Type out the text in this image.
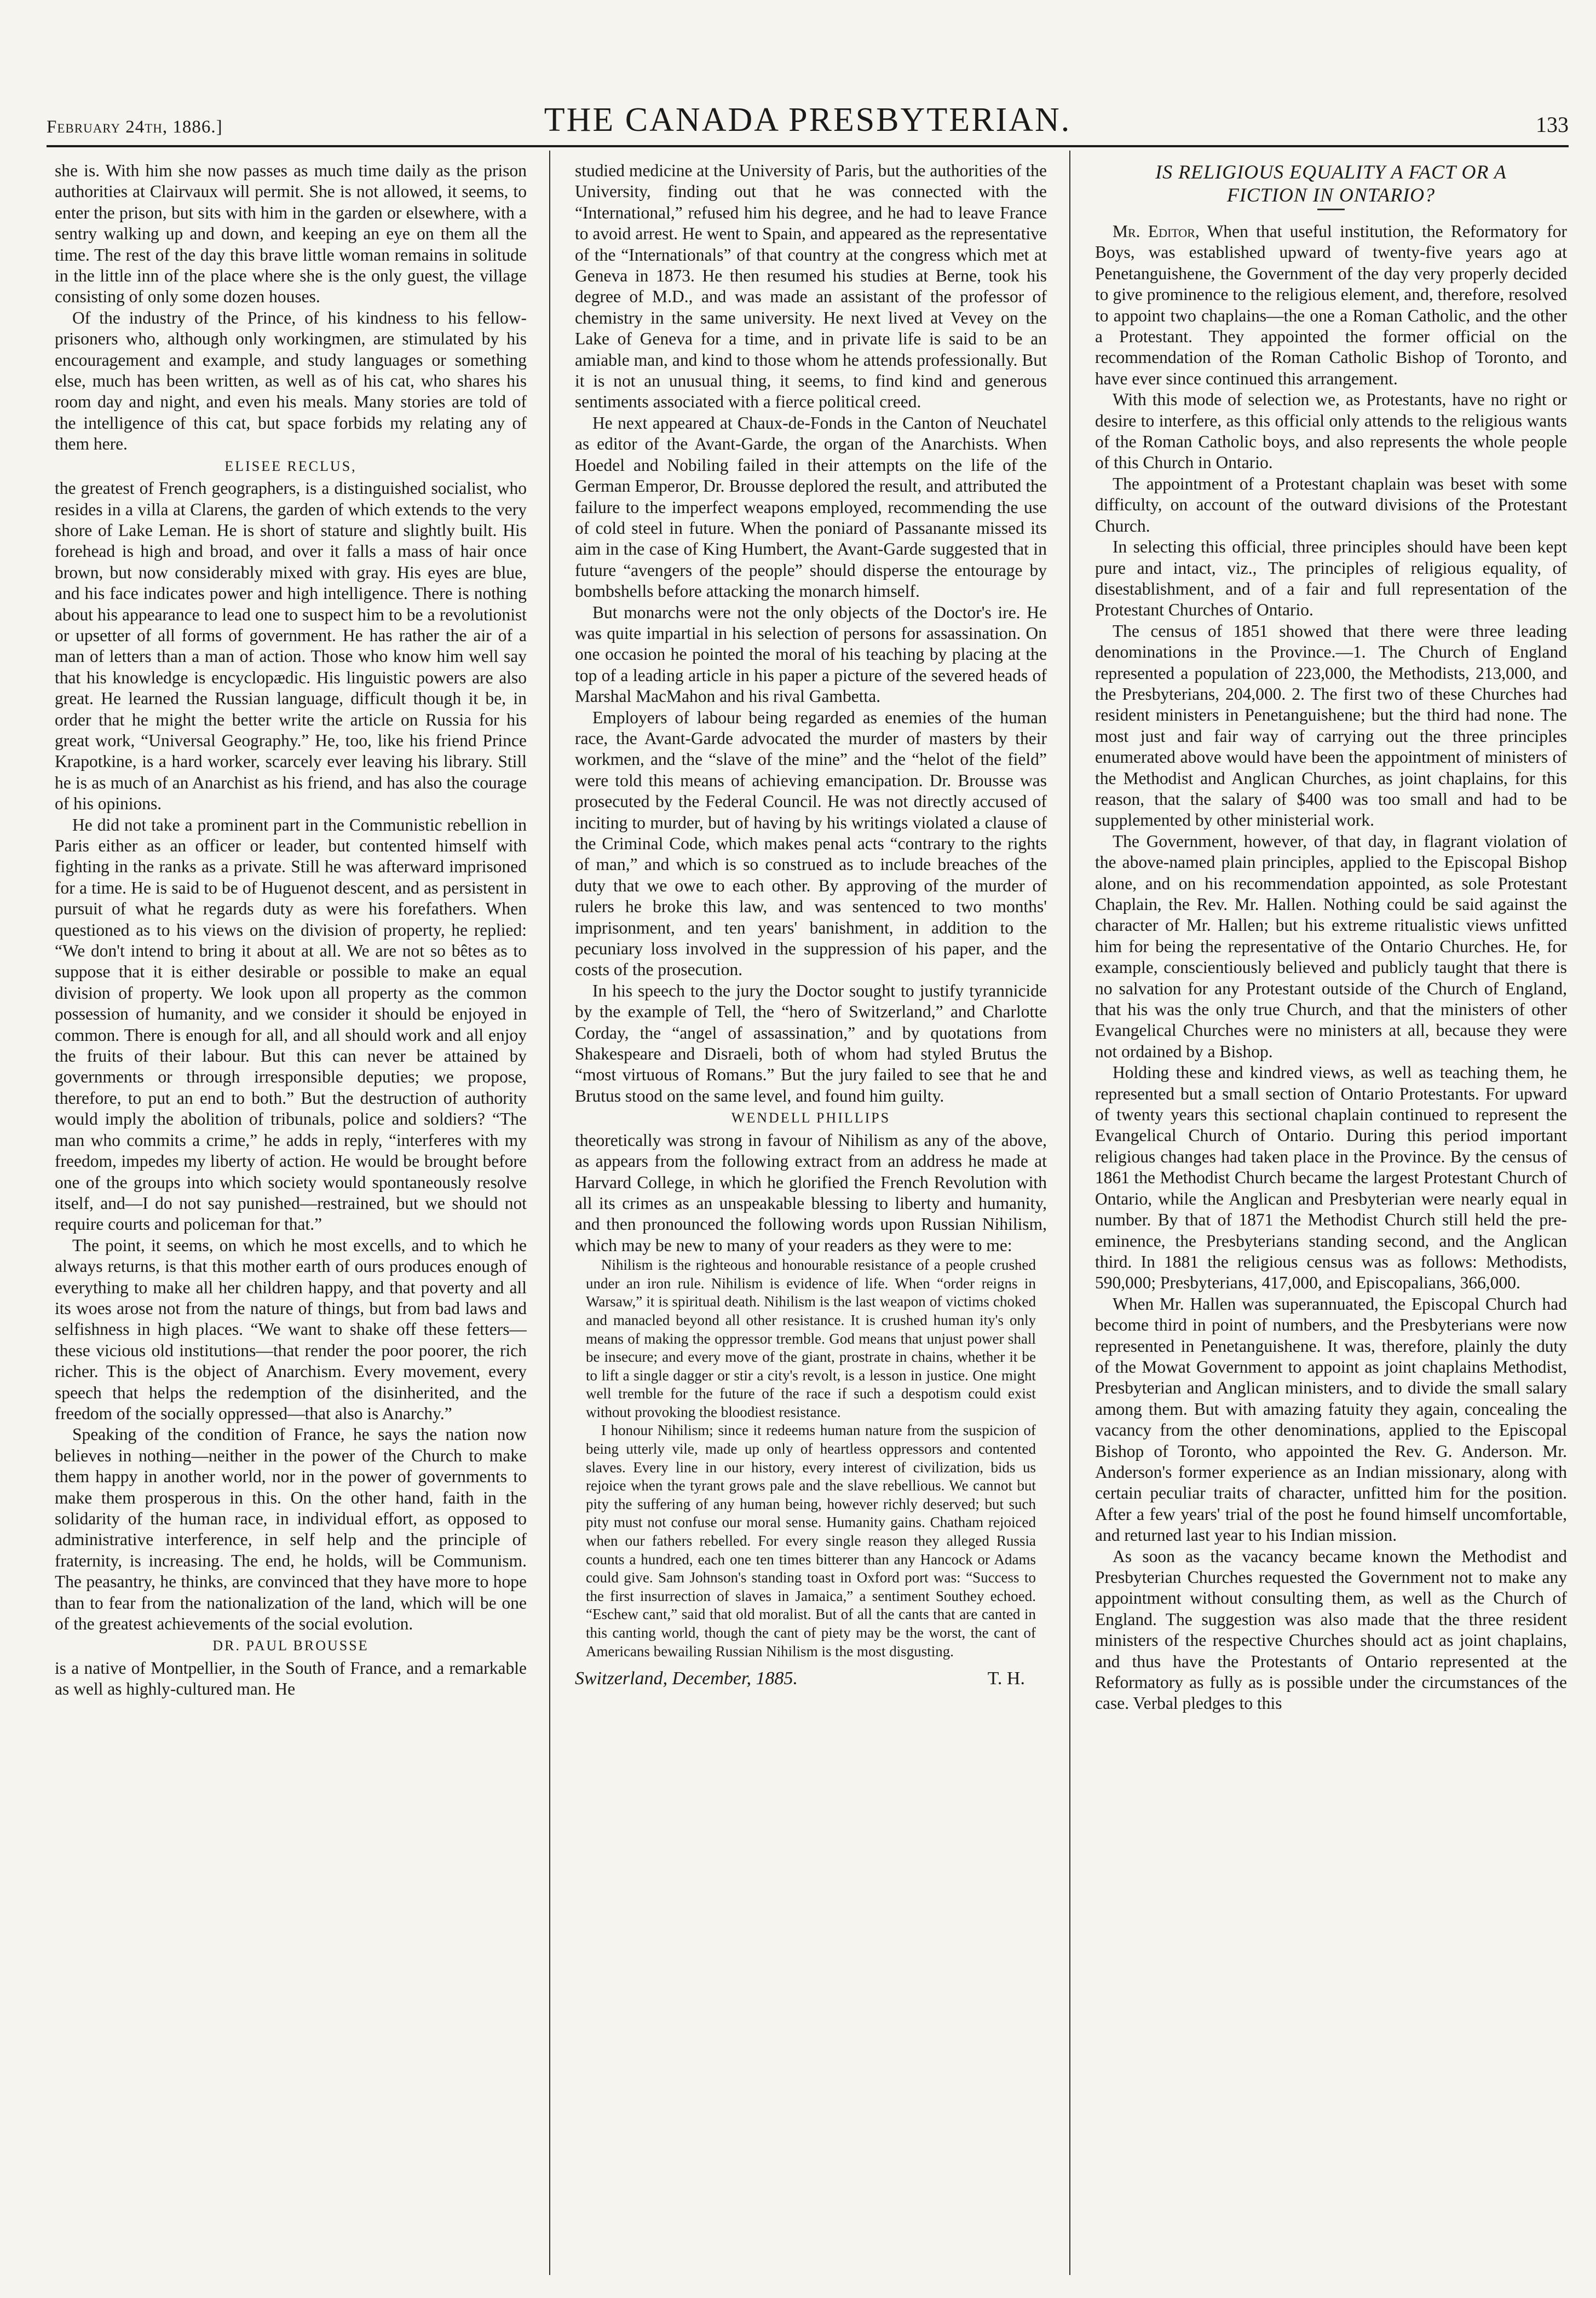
February 24th, 1886.]	THE CANADA PRESBYTERIAN.	133

she is. With him she now passes as much time daily as the prison authorities at Clairvaux will permit. She is not allowed, it seems, to enter the prison, but sits with him in the garden or elsewhere, with a sentry walking up and down, and keeping an eye on them all the time. The rest of the day this brave little woman remains in solitude in the little inn of the place where she is the only guest, the village consisting of only some dozen houses.

Of the industry of the Prince, of his kindness to his fellow-prisoners who, although only workingmen, are stimulated by his encouragement and example, and study languages or something else, much has been written, as well as of his cat, who shares his room day and night, and even his meals. Many stories are told of the intelligence of this cat, but space forbids my relating any of them here.

ELISEE RECLUS,

the greatest of French geographers, is a distinguished socialist, who resides in a villa at Clarens, the garden of which extends to the very shore of Lake Leman. He is short of stature and slightly built. His forehead is high and broad, and over it falls a mass of hair once brown, but now considerably mixed with gray. His eyes are blue, and his face indicates power and high intelligence. There is nothing about his appearance to lead one to suspect him to be a revolutionist or upsetter of all forms of government. He has rather the air of a man of letters than a man of action. Those who know him well say that his knowledge is encyclopædic. His linguistic powers are also great. He learned the Russian language, difficult though it be, in order that he might the better write the article on Russia for his great work, “Universal Geography.” He, too, like his friend Prince Krapotkine, is a hard worker, scarcely ever leaving his library. Still he is as much of an Anarchist as his friend, and has also the courage of his opinions.

He did not take a prominent part in the Communistic rebellion in Paris either as an officer or leader, but contented himself with fighting in the ranks as a private. Still he was afterward imprisoned for a time. He is said to be of Huguenot descent, and as persistent in pursuit of what he regards duty as were his forefathers. When questioned as to his views on the division of property, he replied: “We don't intend to bring it about at all. We are not so bêtes as to suppose that it is either desirable or possible to make an equal division of property. We look upon all property as the common possession of humanity, and we consider it should be enjoyed in common. There is enough for all, and all should work and all enjoy the fruits of their labour. But this can never be attained by governments or through irresponsible deputies; we propose, therefore, to put an end to both.” But the destruction of authority would imply the abolition of tribunals, police and soldiers? “The man who commits a crime,” he adds in reply, “interferes with my freedom, impedes my liberty of action. He would be brought before one of the groups into which society would spontaneously resolve itself, and—I do not say punished—restrained, but we should not require courts and policeman for that.”

The point, it seems, on which he most excells, and to which he always returns, is that this mother earth of ours produces enough of everything to make all her children happy, and that poverty and all its woes arose not from the nature of things, but from bad laws and selfishness in high places. “We want to shake off these fetters—these vicious old institutions—that render the poor poorer, the rich richer. This is the object of Anarchism. Every movement, every speech that helps the redemption of the disinherited, and the freedom of the socially oppressed—that also is Anarchy.”

Speaking of the condition of France, he says the nation now believes in nothing—neither in the power of the Church to make them happy in another world, nor in the power of governments to make them prosperous in this. On the other hand, faith in the solidarity of the human race, in individual effort, as opposed to administrative interference, in self help and the principle of fraternity, is increasing. The end, he holds, will be Communism. The peasantry, he thinks, are convinced that they have more to hope than to fear from the nationalization of the land, which will be one of the greatest achievements of the social evolution.

DR. PAUL BROUSSE

is a native of Montpellier, in the South of France, and a remarkable as well as highly-cultured man. He

studied medicine at the University of Paris, but the authorities of the University, finding out that he was connected with the “International,” refused him his degree, and he had to leave France to avoid arrest. He went to Spain, and appeared as the representative of the “Internationals” of that country at the congress which met at Geneva in 1873. He then resumed his studies at Berne, took his degree of M.D., and was made an assistant of the professor of chemistry in the same university. He next lived at Vevey on the Lake of Geneva for a time, and in private life is said to be an amiable man, and kind to those whom he attends professionally. But it is not an unusual thing, it seems, to find kind and generous sentiments associated with a fierce political creed.

He next appeared at Chaux-de-Fonds in the Canton of Neuchatel as editor of the Avant-Garde, the organ of the Anarchists. When Hoedel and Nobiling failed in their attempts on the life of the German Emperor, Dr. Brousse deplored the result, and attributed the failure to the imperfect weapons employed, recommending the use of cold steel in future. When the poniard of Passanante missed its aim in the case of King Humbert, the Avant-Garde suggested that in future “avengers of the people” should disperse the entourage by bombshells before attacking the monarch himself.

But monarchs were not the only objects of the Doctor's ire. He was quite impartial in his selection of persons for assassination. On one occasion he pointed the moral of his teaching by placing at the top of a leading article in his paper a picture of the severed heads of Marshal MacMahon and his rival Gambetta.

Employers of labour being regarded as enemies of the human race, the Avant-Garde advocated the murder of masters by their workmen, and the “slave of the mine” and the “helot of the field” were told this means of achieving emancipation. Dr. Brousse was prosecuted by the Federal Council. He was not directly accused of inciting to murder, but of having by his writings violated a clause of the Criminal Code, which makes penal acts “contrary to the rights of man,” and which is so construed as to include breaches of the duty that we owe to each other. By approving of the murder of rulers he broke this law, and was sentenced to two months' imprisonment, and ten years' banishment, in addition to the pecuniary loss involved in the suppression of his paper, and the costs of the prosecution.

In his speech to the jury the Doctor sought to justify tyrannicide by the example of Tell, the “hero of Switzerland,” and Charlotte Corday, the “angel of assassination,” and by quotations from Shakespeare and Disraeli, both of whom had styled Brutus the “most virtuous of Romans.” But the jury failed to see that he and Brutus stood on the same level, and found him guilty.

WENDELL PHILLIPS

theoretically was strong in favour of Nihilism as any of the above, as appears from the following extract from an address he made at Harvard College, in which he glorified the French Revolution with all its crimes as an unspeakable blessing to liberty and humanity, and then pronounced the following words upon Russian Nihilism, which may be new to many of your readers as they were to me:

Nihilism is the righteous and honourable resistance of a people crushed under an iron rule. Nihilism is evidence of life. When “order reigns in Warsaw,” it is spiritual death. Nihilism is the last weapon of victims choked and manacled beyond all other resistance. It is crushed human ity's only means of making the oppressor tremble. God means that unjust power shall be insecure; and every move of the giant, prostrate in chains, whether it be to lift a single dagger or stir a city's revolt, is a lesson in justice. One might well tremble for the future of the race if such a despotism could exist without provoking the bloodiest resistance.

I honour Nihilism; since it redeems human nature from the suspicion of being utterly vile, made up only of heartless oppressors and contented slaves. Every line in our history, every interest of civilization, bids us rejoice when the tyrant grows pale and the slave rebellious. We cannot but pity the suffering of any human being, however richly deserved; but such pity must not confuse our moral sense. Humanity gains. Chatham rejoiced when our fathers rebelled. For every single reason they alleged Russia counts a hundred, each one ten times bitterer than any Hancock or Adams could give. Sam Johnson's standing toast in Oxford port was: “Success to the first insurrection of slaves in Jamaica,” a sentiment Southey echoed. “Eschew cant,” said that old moralist. But of all the cants that are canted in this canting world, though the cant of piety may be the worst, the cant of Americans bewailing Russian Nihilism is the most disgusting.

Switzerland, December, 1885.	T. H.
IS RELIGIOUS EQUALITY A FACT OR A
FICTION IN ONTARIO?

Mr. Editor, When that useful institution, the Reformatory for Boys, was established upward of twenty-five years ago at Penetanguishene, the Government of the day very properly decided to give prominence to the religious element, and, therefore, resolved to appoint two chaplains—the one a Roman Catholic, and the other a Protestant. They appointed the former official on the recommendation of the Roman Catholic Bishop of Toronto, and have ever since continued this arrangement.

With this mode of selection we, as Protestants, have no right or desire to interfere, as this official only attends to the religious wants of the Roman Catholic boys, and also represents the whole people of this Church in Ontario.

The appointment of a Protestant chaplain was beset with some difficulty, on account of the outward divisions of the Protestant Church.

In selecting this official, three principles should have been kept pure and intact, viz., The principles of religious equality, of disestablishment, and of a fair and full representation of the Protestant Churches of Ontario.

The census of 1851 showed that there were three leading denominations in the Province.—1. The Church of England represented a population of 223,000, the Methodists, 213,000, and the Presbyterians, 204,000. 2. The first two of these Churches had resident ministers in Penetanguishene; but the third had none. The most just and fair way of carrying out the three principles enumerated above would have been the appointment of ministers of the Methodist and Anglican Churches, as joint chaplains, for this reason, that the salary of $400 was too small and had to be supplemented by other ministerial work.

The Government, however, of that day, in flagrant violation of the above-named plain principles, applied to the Episcopal Bishop alone, and on his recommendation appointed, as sole Protestant Chaplain, the Rev. Mr. Hallen. Nothing could be said against the character of Mr. Hallen; but his extreme ritualistic views unfitted him for being the representative of the Ontario Churches. He, for example, conscientiously believed and publicly taught that there is no salvation for any Protestant outside of the Church of England, that his was the only true Church, and that the ministers of other Evangelical Churches were no ministers at all, because they were not ordained by a Bishop.

Holding these and kindred views, as well as teaching them, he represented but a small section of Ontario Protestants. For upward of twenty years this sectional chaplain continued to represent the Evangelical Church of Ontario. During this period important religious changes had taken place in the Province. By the census of 1861 the Methodist Church became the largest Protestant Church of Ontario, while the Anglican and Presbyterian were nearly equal in number. By that of 1871 the Methodist Church still held the pre-eminence, the Presbyterians standing second, and the Anglican third. In 1881 the religious census was as follows: Methodists, 590,000; Presbyterians, 417,000, and Episcopalians, 366,000.

When Mr. Hallen was superannuated, the Episcopal Church had become third in point of numbers, and the Presbyterians were now represented in Penetanguishene. It was, therefore, plainly the duty of the Mowat Government to appoint as joint chaplains Methodist, Presbyterian and Anglican ministers, and to divide the small salary among them. But with amazing fatuity they again, concealing the vacancy from the other denominations, applied to the Episcopal Bishop of Toronto, who appointed the Rev. G. Anderson. Mr. Anderson's former experience as an Indian missionary, along with certain peculiar traits of character, unfitted him for the position. After a few years' trial of the post he found himself uncomfortable, and returned last year to his Indian mission.

As soon as the vacancy became known the Methodist and Presbyterian Churches requested the Government not to make any appointment without consulting them, as well as the Church of England. The suggestion was also made that the three resident ministers of the respective Churches should act as joint chaplains, and thus have the Protestants of Ontario represented at the Reformatory as fully as is possible under the circumstances of the case. Verbal pledges to this
